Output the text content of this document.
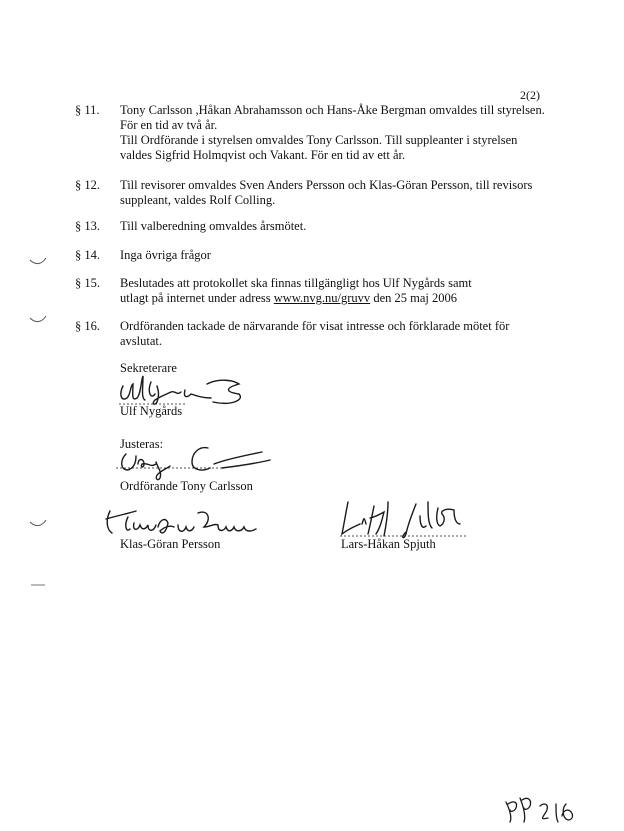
2(2)
§ 11. Tony Carlsson ,Håkan Abrahamsson och Hans-Åke Bergman omvaldes till styrelsen.
För en tid av två år.
Till Ordförande i styrelsen omvaldes Tony Carlsson. Till suppleanter i styrelsen
valdes Sigfrid Holmqvist och Vakant. För en tid av ett år.
§ 12. Till revisorer omvaldes Sven Anders Persson och Klas-Göran Persson, till revisors
suppleant, valdes Rolf Colling.
§ 13. Till valberedning omvaldes årsmötet.
§ 14. Inga övriga frågor
§ 15. Beslutades att protokollet ska finnas tillgängligt hos Ulf Nygårds samt
utlagt på internet under adress www.nvg.nu/gruvv den 25 maj 2006
§ 16. Ordföranden tackade de närvarande för visat intresse och förklarade mötet för
avslutat.
Sekreterare
Ulf Nygårds
Justeras:
Ordförande Tony Carlsson
Klas-Göran Persson	Lars-Håkan Spjuth
